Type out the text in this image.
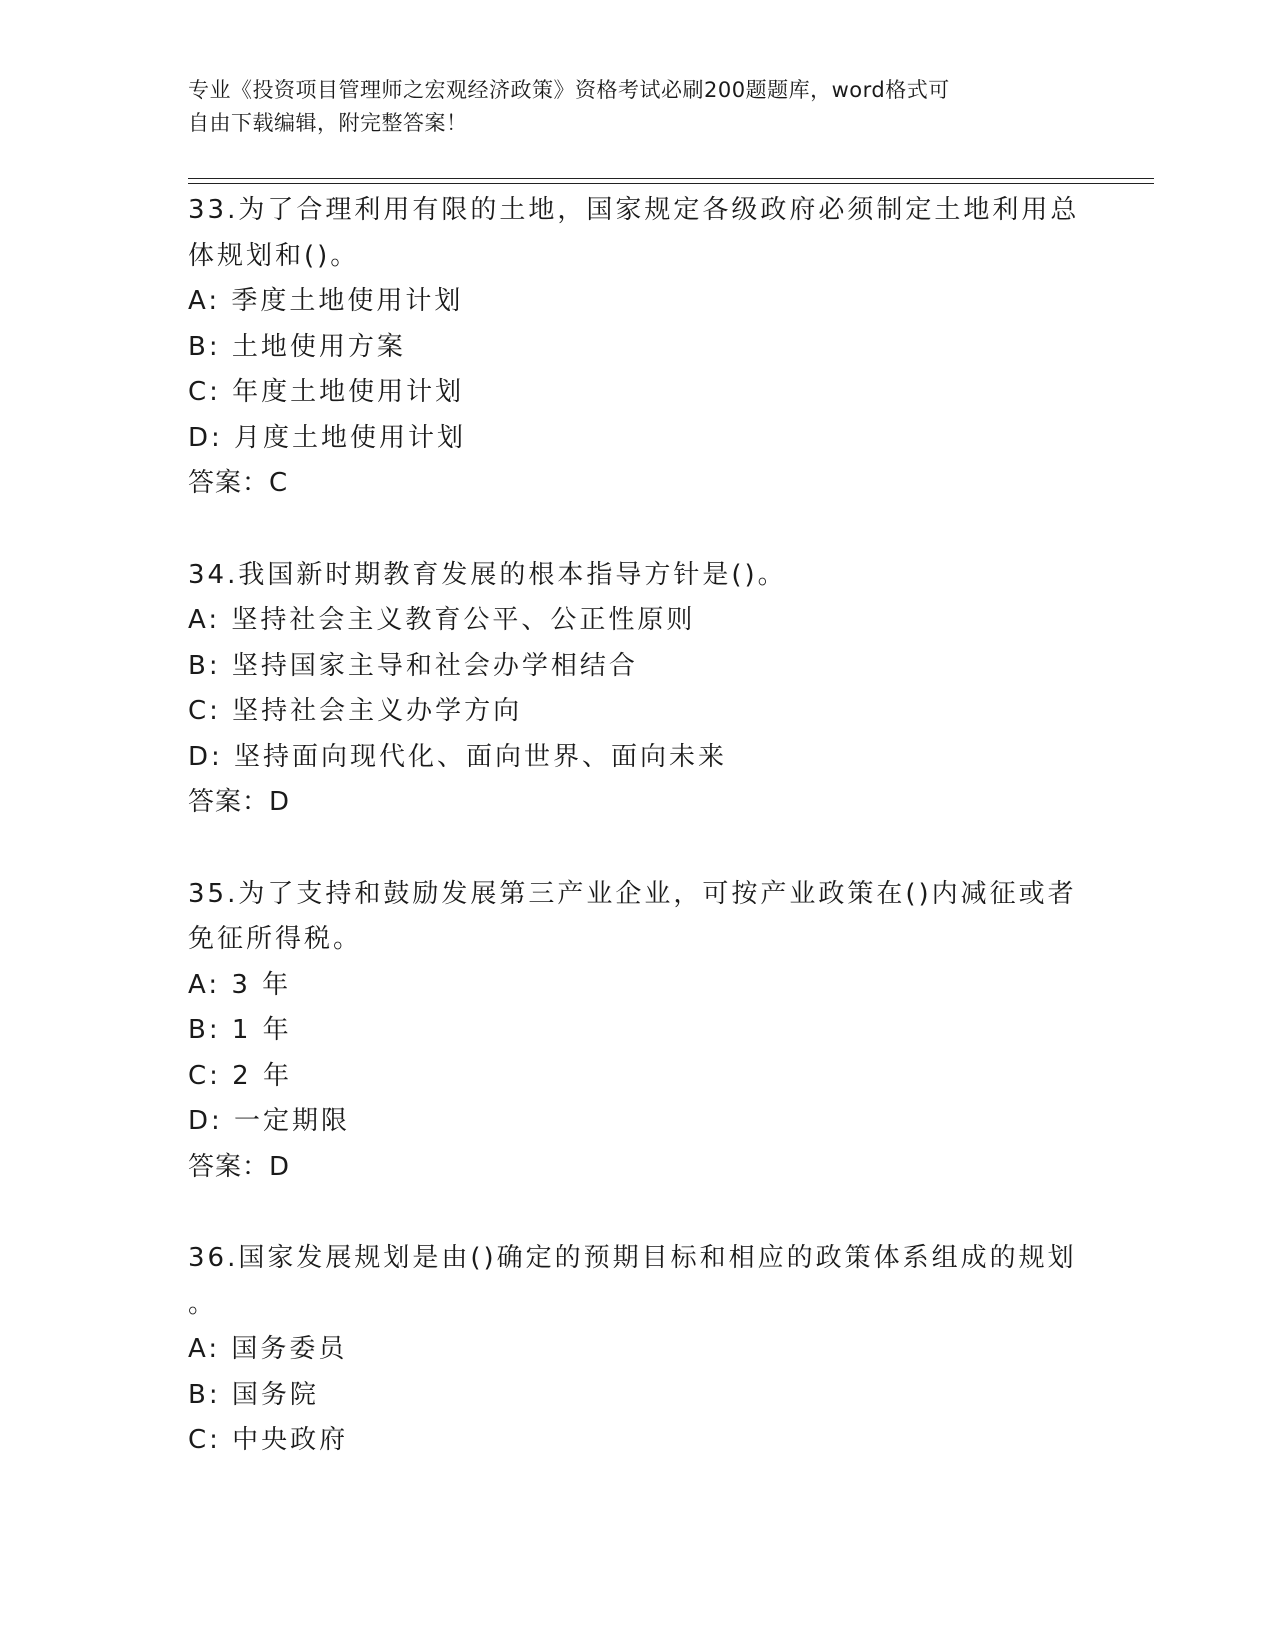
专业《投资项目管理师之宏观经济政策》资格考试必刷200题题库，word格式可

自由下载编辑，附完整答案！

33.为了合理利用有限的土地，国家规定各级政府必须制定土地利用总

体规划和()。

A: 季度土地使用计划

B: 土地使用方案

C: 年度土地使用计划

D: 月度土地使用计划

答案：C

34.我国新时期教育发展的根本指导方针是()。

A: 坚持社会主义教育公平、公正性原则

B: 坚持国家主导和社会办学相结合

C: 坚持社会主义办学方向

D: 坚持面向现代化、面向世界、面向未来

答案：D

35.为了支持和鼓励发展第三产业企业，可按产业政策在()内减征或者

免征所得税。

A: 3 年

B: 1 年

C: 2 年

D: 一定期限

答案：D

36.国家发展规划是由()确定的预期目标和相应的政策体系组成的规划

。

A: 国务委员

B: 国务院

C: 中央政府
